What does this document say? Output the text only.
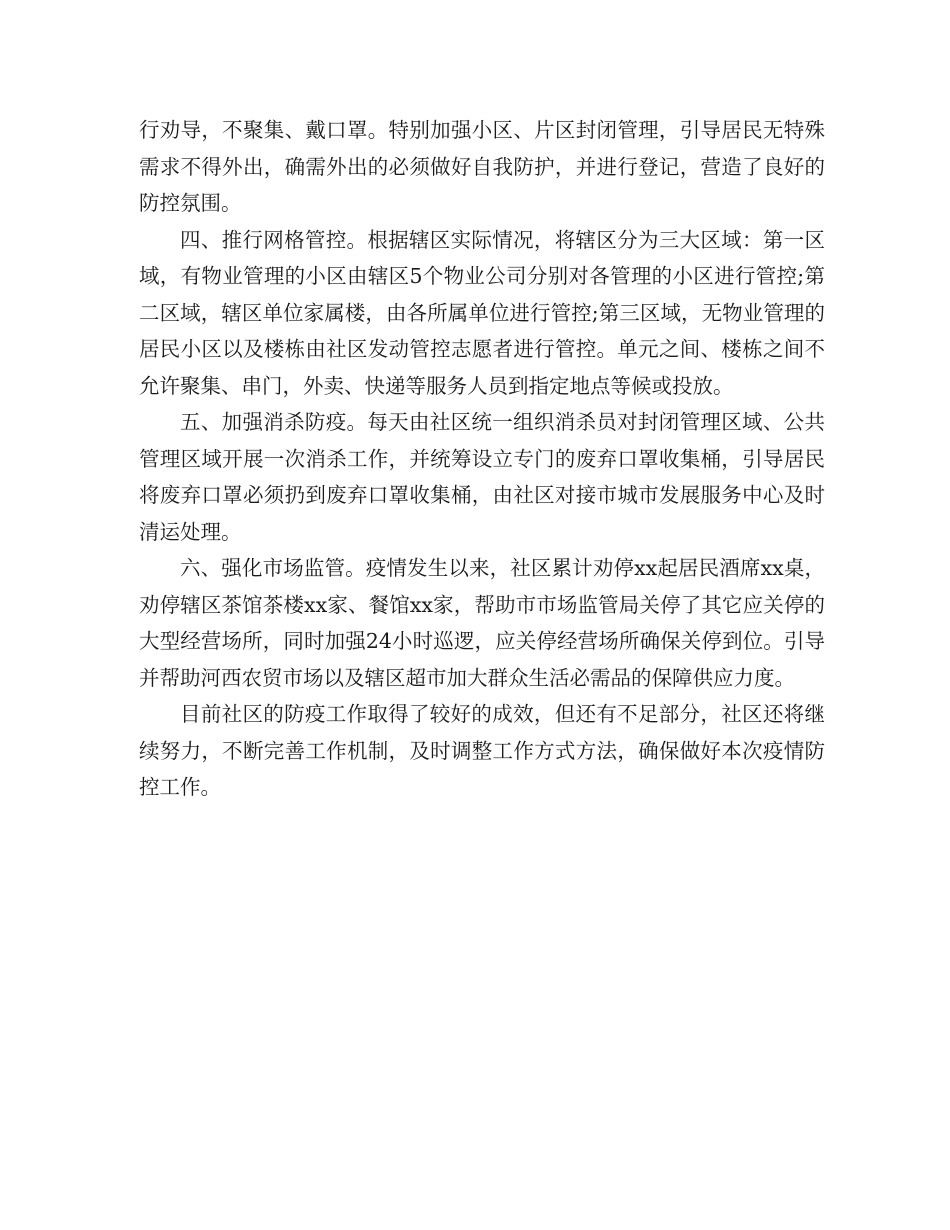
行劝导，不聚集、戴口罩。特别加强小区、片区封闭管理，引导居民无特殊需求不得外出，确需外出的必须做好自我防护，并进行登记，营造了良好的防控氛围。

四、推行网格管控。根据辖区实际情况，将辖区分为三大区域：第一区域，有物业管理的小区由辖区5个物业公司分别对各管理的小区进行管控;第二区域，辖区单位家属楼，由各所属单位进行管控;第三区域，无物业管理的居民小区以及楼栋由社区发动管控志愿者进行管控。单元之间、楼栋之间不允许聚集、串门，外卖、快递等服务人员到指定地点等候或投放。

五、加强消杀防疫。每天由社区统一组织消杀员对封闭管理区域、公共管理区域开展一次消杀工作，并统筹设立专门的废弃口罩收集桶，引导居民将废弃口罩必须扔到废弃口罩收集桶，由社区对接市城市发展服务中心及时清运处理。

六、强化市场监管。疫情发生以来，社区累计劝停xx起居民酒席xx桌，劝停辖区茶馆茶楼xx家、餐馆xx家，帮助市市场监管局关停了其它应关停的大型经营场所，同时加强24小时巡逻，应关停经营场所确保关停到位。引导并帮助河西农贸市场以及辖区超市加大群众生活必需品的保障供应力度。

目前社区的防疫工作取得了较好的成效，但还有不足部分，社区还将继续努力，不断完善工作机制，及时调整工作方式方法，确保做好本次疫情防控工作。
